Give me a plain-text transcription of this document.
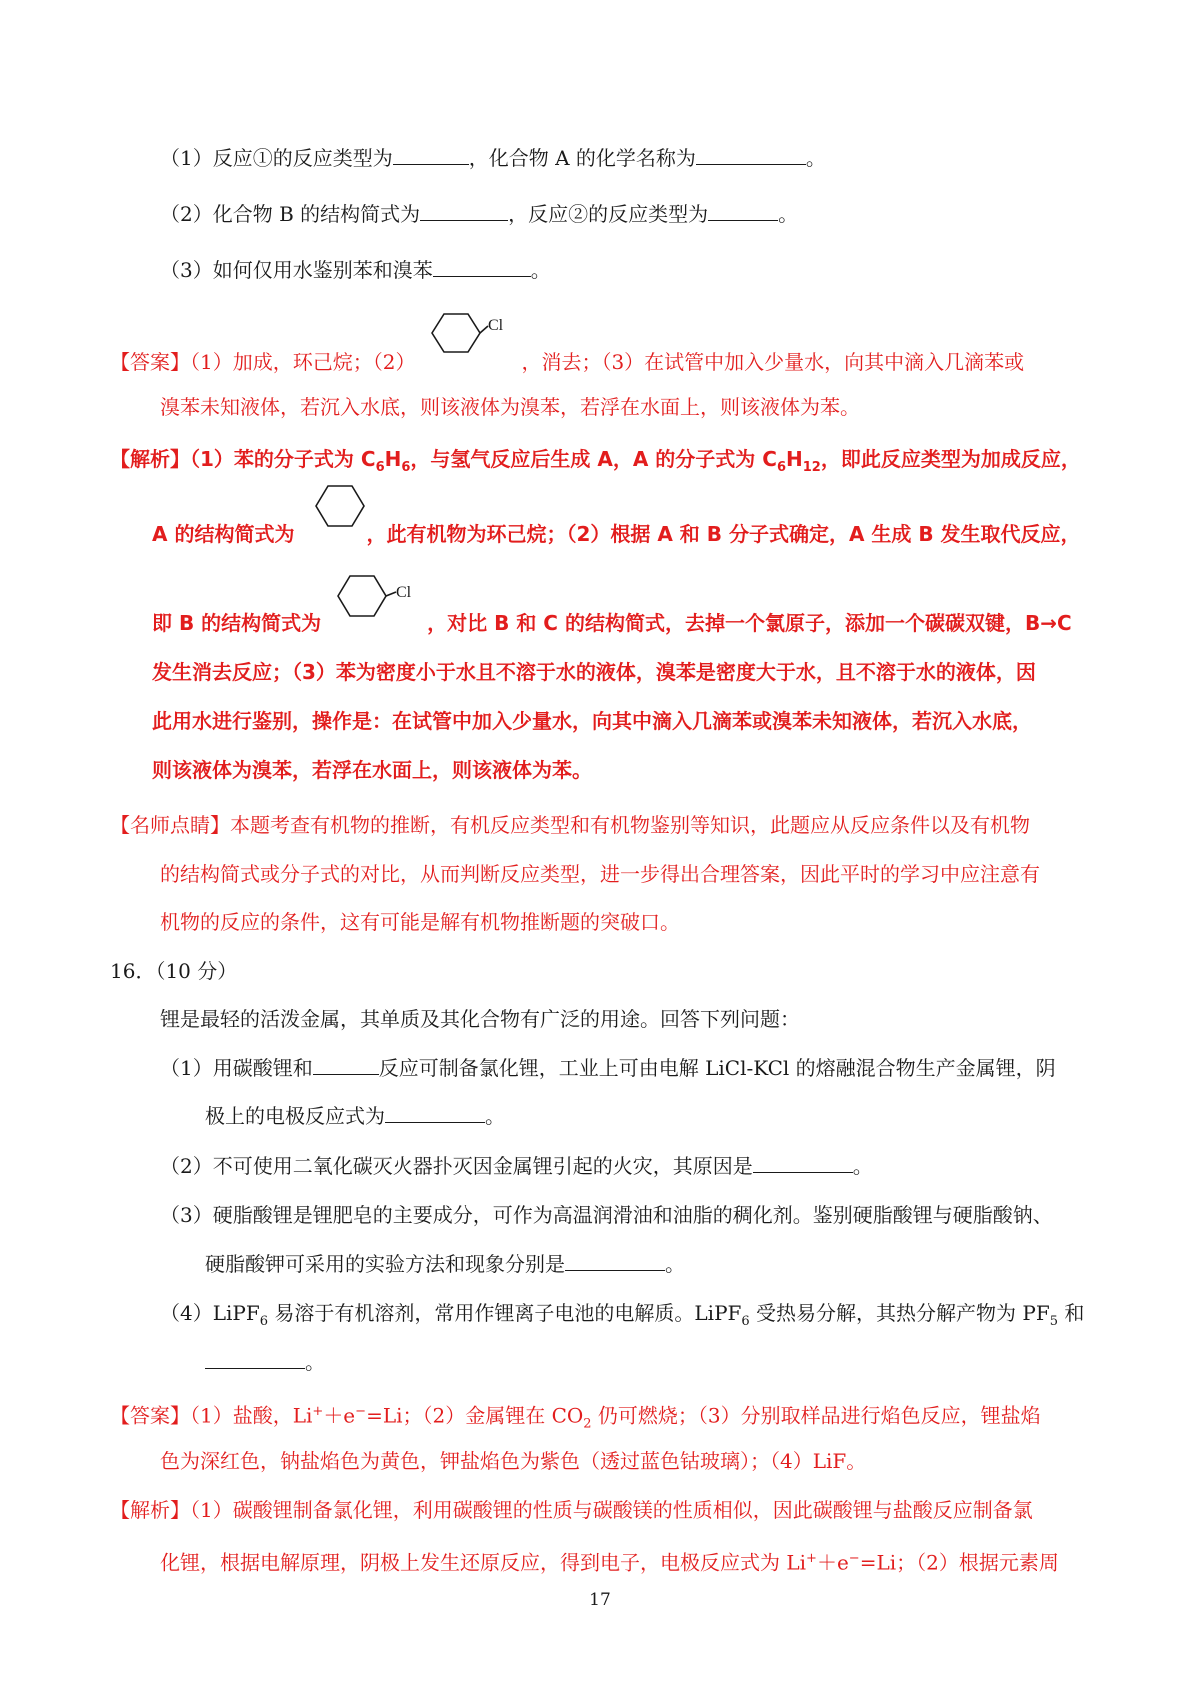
（1）反应①的反应类型为	，化合物 A 的化学名称为	。
（2）化合物 B 的结构简式为	，反应②的反应类型为	。
（3）如何仅用水鉴别苯和溴苯	。
【答案】（1）加成，环己烷；（2）	，消去；（3）在试管中加入少量水，向其中滴入几滴苯或
Cl
溴苯未知液体，若沉入水底，则该液体为溴苯，若浮在水面上，则该液体为苯。
【解析】（1）苯的分子式为 $C_6H_6$，与氢气反应后生成 A，A 的分子式为 $C_6H_{12}$，即此反应类型为加成反应，
A 的结构简式为	，此有机物为环己烷；（2）根据 A 和 B 分子式确定，A 生成 B 发生取代反应，
即 B 的结构简式为	，对比 B 和 C 的结构简式，去掉一个氯原子，添加一个碳碳双键，B→C
Cl
发生消去反应；（3）苯为密度小于水且不溶于水的液体，溴苯是密度大于水，且不溶于水的液体，因
此用水进行鉴别，操作是：在试管中加入少量水，向其中滴入几滴苯或溴苯未知液体，若沉入水底，
则该液体为溴苯，若浮在水面上，则该液体为苯。
【名师点睛】本题考查有机物的推断，有机反应类型和有机物鉴别等知识，此题应从反应条件以及有机物
的结构简式或分子式的对比，从而判断反应类型，进一步得出合理答案，因此平时的学习中应注意有
机物的反应的条件，这有可能是解有机物推断题的突破口。
16．（10 分）
锂是最轻的活泼金属，其单质及其化合物有广泛的用途。回答下列问题：
（1）用碳酸锂和	反应可制备氯化锂，工业上可由电解 LiCl-KCl 的熔融混合物生产金属锂，阴
极上的电极反应式为	。
（2）不可使用二氧化碳灭火器扑灭因金属锂引起的火灾，其原因是	。
（3）硬脂酸锂是锂肥皂的主要成分，可作为高温润滑油和油脂的稠化剂。鉴别硬脂酸锂与硬脂酸钠、
硬脂酸钾可采用的实验方法和现象分别是	。
（4）LiPF$_6$ 易溶于有机溶剂，常用作锂离子电池的电解质。LiPF$_6$ 受热易分解，其热分解产物为 $PF_5$ 和
。
【答案】（1）盐酸，Li+＋e−=Li；（2）金属锂在 $CO_2$ 仍可燃烧；（3）分别取样品进行焰色反应，锂盐焰
色为深红色，钠盐焰色为黄色，钾盐焰色为紫色（透过蓝色钴玻璃）；（4）LiF。
【解析】（1）碳酸锂制备氯化锂，利用碳酸锂的性质与碳酸镁的性质相似，因此碳酸锂与盐酸反应制备氯
化锂，根据电解原理，阴极上发生还原反应，得到电子，电极反应式为 Li+＋e−=Li；（2）根据元素周
17
